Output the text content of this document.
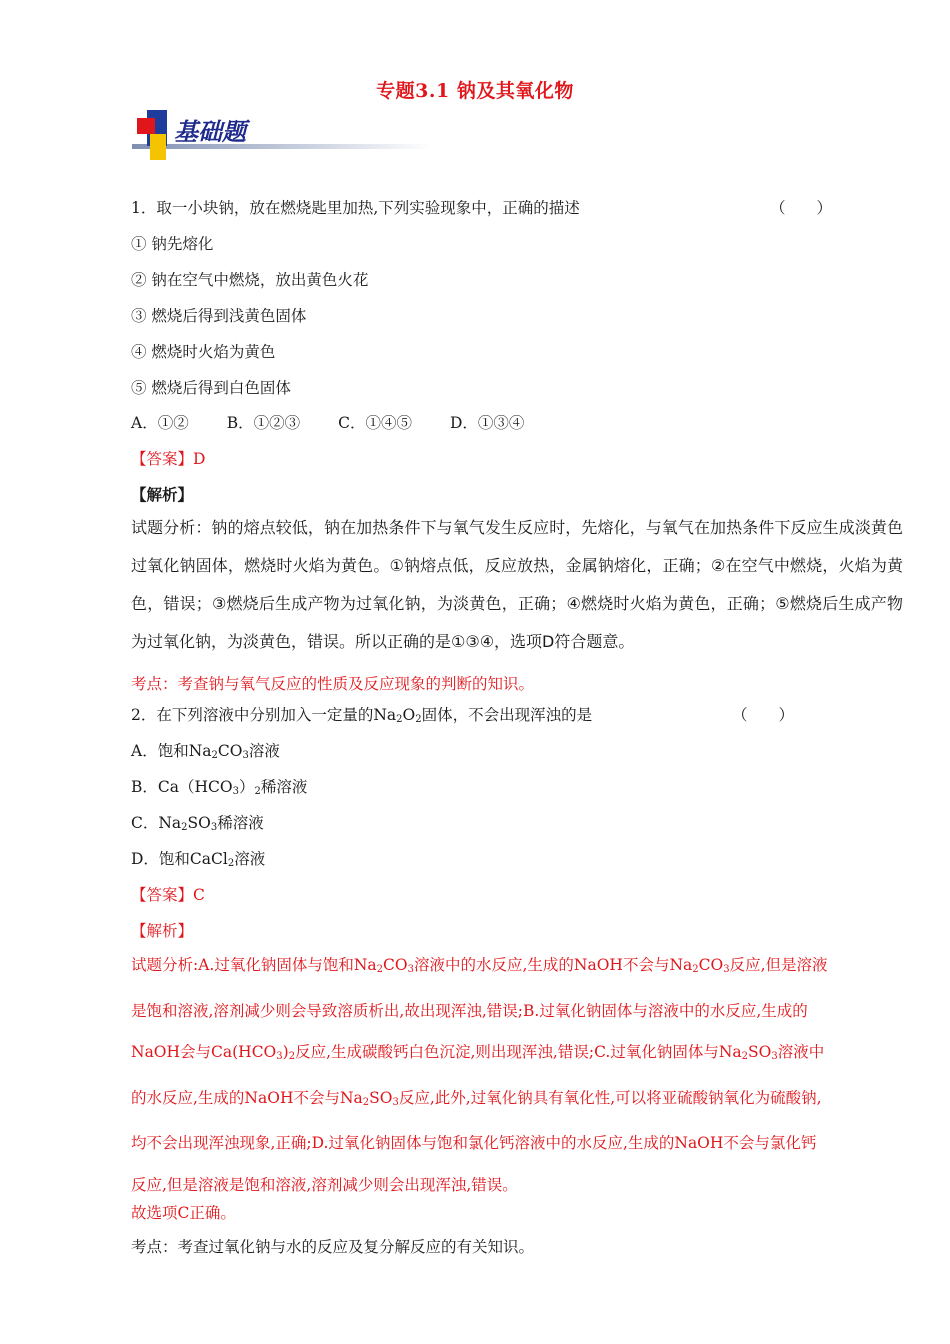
专题3.1 钠及其氧化物
基础题
1．取一小块钠，放在燃烧匙里加热,下列实验现象中，正确的描述	（　　）
① 钠先熔化
② 钠在空气中燃烧，放出黄色火花
③ 燃烧后得到浅黄色固体
④ 燃烧时火焰为黄色
⑤ 燃烧后得到白色固体
A．①② B．①②③ C．①④⑤ D．①③④
【答案】D
【解析】
试题分析：钠的熔点较低，钠在加热条件下与氧气发生反应时，先熔化，与氧气在加热条件下反应生成淡黄色过氧化钠固体，燃烧时火焰为黄色。①钠熔点低，反应放热，金属钠熔化，正确；②在空气中燃烧，火焰为黄色，错误；③燃烧后生成产物为过氧化钠，为淡黄色，正确；④燃烧时火焰为黄色，正确；⑤燃烧后生成产物为过氧化钠，为淡黄色，错误。所以正确的是①③④，选项D符合题意。
考点：考查钠与氧气反应的性质及反应现象的判断的知识。
2．在下列溶液中分别加入一定量的$Na_2O_2$固体，不会出现浑浊的是	（　　）
A．饱和$Na_2CO_3$溶液
B．$Ca(HCO_3)_2$稀溶液
C．$Na_2SO_3$稀溶液
D．饱和CaCl$_2$溶液
【答案】C
【解析】
试题分析:A.过氧化钠固体与饱和$Na_2CO_3$溶液中的水反应,生成的NaOH不会与$Na_2CO_3$反应,但是溶液是饱和溶液,溶剂减少则会导致溶质析出,故出现浑浊,错误;B.过氧化钠固体与溶液中的水反应,生成的NaOH会与$Ca(HCO_3)_2$反应,生成碳酸钙白色沉淀,则出现浑浊,错误;C.过氧化钠固体与$Na_2SO_3$溶液中的水反应,生成的NaOH不会与$Na_2SO_3$反应,此外,过氧化钠具有氧化性,可以将亚硫酸钠氧化为硫酸钠,均不会出现浑浊现象,正确;D.过氧化钠固体与饱和氯化钙溶液中的水反应,生成的NaOH不会与氯化钙反应,但是溶液是饱和溶液,溶剂减少则会出现浑浊,错误。
故选项C正确。
考点：考查过氧化钠与水的反应及复分解反应的有关知识。
